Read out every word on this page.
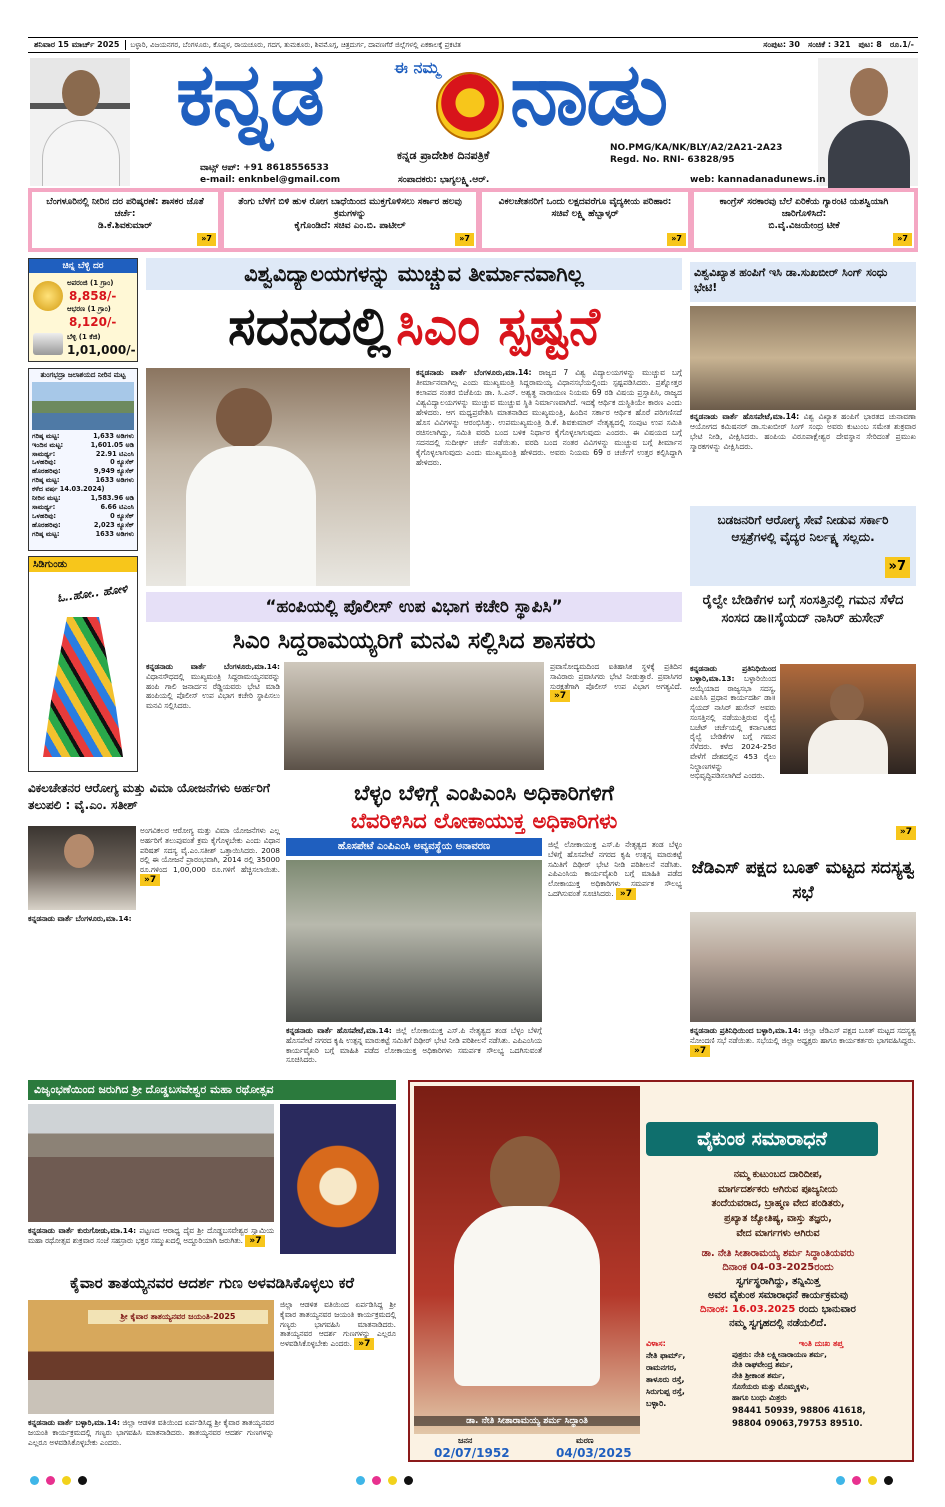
ಶನಿವಾರ 15 ಮಾರ್ಚ್ 2025	ಬಳ್ಳಾರಿ, ವಿಜಯನಗರ, ಬೆಂಗಳೂರು, ಕೊಪ್ಪಳ, ರಾಯಚೂರು, ಗದಗ, ತುಮಕೂರು, ಶಿವಮೊಗ್ಗ, ಚಿತ್ರದುರ್ಗ, ದಾವಣಗೆರೆ ಜಿಲ್ಲೆಗಳಲ್ಲಿ ಏಕಕಾಲಕ್ಕೆ ಪ್ರಕಟಿತ	ಸಂಪುಟ: 30	ಸಂಚಿಕೆ : 321	ಪುಟ: 8	ರೂ.1/-
ಈ ನಮ್ಮ
ಕನ್ನಡ ನಾಡು
ಕನ್ನಡ ಪ್ರಾದೇಶಿಕ ದಿನಪತ್ರಿಕೆ
ವಾಟ್ಸ್ ಆಪ್: +91 8618556533
e-mail: enknbel@gmail.com	ಸಂಪಾದಕರು: ಭಾಗ್ಯಲಕ್ಷ್ಮಿ.ಆರ್.
NO.PMG/KA/NK/BLY/A2/2A21-2A23
Regd. No. RNI- 63828/95
web: kannadanadunews.in
ಬೆಂಗಳೂರಿನಲ್ಲಿ ನೀರಿನ ದರ ಪರಿಷ್ಕರಣೆ: ಶಾಸಕರ ಜೊತೆ ಚರ್ಚೆ:
ಡಿ.ಕೆ.ಶಿವಕುಮಾರ್
»7
ತೆಂಗು ಬೆಳೆಗೆ ಬಿಳಿ ಹುಳ ರೋಗ ಬಾಧೆಯಿಂದ ಮುಕ್ತಗೊಳಿಸಲು ಸರ್ಕಾರ ಹಲವು ಕ್ರಮಗಳನ್ನು
ಕೈಗೊಂಡಿದೆ: ಸಚಿವ ಎಂ.ಬಿ. ಪಾಟೀಲ್
»7
ವಿಕಲಚೇತನರಿಗೆ ಒಂದು ಲಕ್ಷದವರೆಗೂ ವೈದ್ಯಕೀಯ ಪರಿಹಾರ:
ಸಚಿವೆ ಲಕ್ಷ್ಮಿ ಹೆಬ್ಬಾಳ್ಕರ್
»7
ಕಾಂಗ್ರೆಸ್ ಸರಕಾರವು ಬೆಲೆ ಏರಿಕೆಯ ಗ್ಯಾರಂಟಿ ಯಶಸ್ವಿಯಾಗಿ ಜಾರಿಗೊಳಿಸಿದೆ:
ಬಿ.ವೈ.ವಿಜಯೇಂದ್ರ ಟೀಕೆ
»7
ಚಿನ್ನ ಬೆಳ್ಳಿ ದರ
ಅಪರಂಜಿ (1 ಗ್ರಾಂ)
8,858/-
ಆಭರಣ (1 ಗ್ರಾಂ)
8,120/-
ಬೆಳ್ಳಿ (1 ಕೆಜಿ)
1,01,000/-
ತುಂಗಭದ್ರಾ ಜಲಾಶಯದ ನೀರಿನ ಮಟ್ಟ
ಗರಿಷ್ಠ ಮಟ್ಟ:	1,633 ಅಡಿಗಳು
ಇಂದಿನ ಮಟ್ಟ:	1,601.05 ಅಡಿ
ಸಾಮರ್ಥ್ಯ:	22.91 ಟಿಎಂಸಿ
ಒಳಹರಿವು:	0 ಕ್ಯೂಸೆಕ್
ಹೊರಹರಿವು:	9,949 ಕ್ಯೂಸೆಕ್
ಗರಿಷ್ಠ ಮಟ್ಟ:	1633 ಅಡಿಗಳು
ಕಳೆದ ವರ್ಷ 14.03.2024)
ನೀರಿನ ಮಟ್ಟ:	1,583.96 ಅಡಿ
ಸಾಮರ್ಥ್ಯ:	6.66 ಟಿಎಂಸಿ
ಒಳಹರಿವು:	0 ಕ್ಯೂಸೆಕ್
ಹೊರಹರಿವು:	2,023 ಕ್ಯೂಸೆಕ್
ಗರಿಷ್ಠ ಮಟ್ಟ:	1633 ಅಡಿಗಳು
ಸಿಡಿಗುಂಡು
ಓ..ಹೋ.. ಹೋಳಿ
ವಿಶ್ವವಿದ್ಯಾಲಯಗಳನ್ನು ಮುಚ್ಚುವ ತೀರ್ಮಾನವಾಗಿಲ್ಲ
ಸದನದಲ್ಲಿ ಸಿಎಂ ಸ್ಪಷ್ಟನೆ
ಕನ್ನಡನಾಡು ವಾರ್ತೆ ಬೆಂಗಳೂರು,ಮಾ.14: ರಾಜ್ಯದ 7 ವಿಶ್ವ ವಿದ್ಯಾಲಯಗಳನ್ನು ಮುಚ್ಚುವ ಬಗ್ಗೆ ತೀರ್ಮಾನವಾಗಿಲ್ಲ ಎಂದು ಮುಖ್ಯಮಂತ್ರಿ ಸಿದ್ದರಾಮಯ್ಯ ವಿಧಾನಸಭೆಯಲ್ಲಿಂದು ಸ್ಪಷ್ಟಪಡಿಸಿದರು. ಪ್ರಶ್ನೋತ್ತರ ಕಲಾಪದ ನಂತರ ಬಿಜೆಪಿಯ ಡಾ. ಸಿ.ಎನ್. ಅಶ್ವತ್ಥ ನಾರಾಯಣ ನಿಯಮ 69 ರಡಿ ವಿಷಯ ಪ್ರಸ್ತಾಪಿಸಿ, ರಾಜ್ಯದ ವಿಶ್ವವಿದ್ಯಾಲಯಗಳನ್ನು ಮುಚ್ಚುವ ಮುಚ್ಚುವ ಸ್ಥಿತಿ ನಿರ್ಮಾಣವಾಗಿದೆ. ಇದಕ್ಕೆ ಆರ್ಥಿಕ ದುಸ್ಥಿತಿಯೇ ಕಾರಣ ಎಂದು ಹೇಳಿದರು. ಆಗ ಮಧ್ಯಪ್ರವೇಶಿಸಿ ಮಾತನಾಡಿದ ಮುಖ್ಯಮಂತ್ರಿ, ಹಿಂದಿನ ಸರ್ಕಾರ ಆರ್ಥಿಕ ಹೊರೆ ಪರಿಗಣಿಸದೆ ಹೊಸ ವಿವಿಗಳನ್ನು ಆರಂಭಿಸಿತ್ತು. ಉಪಮುಖ್ಯಮಂತ್ರಿ ಡಿ.ಕೆ. ಶಿವಕುಮಾರ್ ನೇತೃತ್ವದಲ್ಲಿ ಸಂಪುಟ ಉಪ ಸಮಿತಿ ರಚಿಸಲಾಗಿದ್ದು, ಸಮಿತಿ ವರದಿ ಬಂದ ಬಳಿಕ ನಿರ್ಧಾರ ಕೈಗೊಳ್ಳಲಾಗುವುದು ಎಂದರು. ಈ ವಿಷಯದ ಬಗ್ಗೆ ಸದನದಲ್ಲಿ ಸುದೀರ್ಘ ಚರ್ಚೆ ನಡೆಯಿತು. ವರದಿ ಬಂದ ನಂತರ ವಿವಿಗಳನ್ನು ಮುಚ್ಚುವ ಬಗ್ಗೆ ತೀರ್ಮಾನ ಕೈಗೊಳ್ಳಲಾಗುವುದು ಎಂದು ಮುಖ್ಯಮಂತ್ರಿ ಹೇಳಿದರು. ಅವರು ನಿಯಮ 69 ರ ಚರ್ಚೆಗೆ ಉತ್ತರ ಕಲ್ಪಿಸಿದ್ದಾಗಿ ಹೇಳಿದರು.
ವಿಶ್ವವಿಖ್ಯಾತ ಹಂಪಿಗೆ ಇಸಿ ಡಾ.ಸುಖಬೀರ್ ಸಿಂಗ್ ಸಂಧು ಭೇಟಿ!
ಕನ್ನಡನಾಡು ವಾರ್ತೆ ಹೊಸಪೇಟೆ,ಮಾ.14: ವಿಶ್ವ ವಿಖ್ಯಾತ ಹಂಪಿಗೆ ಭಾರತದ ಚುನಾವಣಾ ಆಯೋಗದ ಕಮಿಷನರ್ ಡಾ.ಸುಖಬೀರ್ ಸಿಂಗ್ ಸಂಧು ಅವರು ಕುಟುಂಬ ಸಮೇತ ಶುಕ್ರವಾರ ಭೇಟಿ ನೀಡಿ, ವೀಕ್ಷಿಸಿದರು. ಹಂಪಿಯ ವಿರೂಪಾಕ್ಷೇಶ್ವರ ದೇವಸ್ಥಾನ ಸೇರಿದಂತೆ ಪ್ರಮುಖ ಸ್ಮಾರಕಗಳನ್ನು ವೀಕ್ಷಿಸಿದರು.
ಬಡಜನರಿಗೆ ಆರೋಗ್ಯ ಸೇವೆ ನೀಡುವ ಸರ್ಕಾರಿ ಆಸ್ಪತ್ರೆಗಳಲ್ಲಿ ವೈದ್ಯರ ನಿರ್ಲಕ್ಷ್ಯ ಸಲ್ಲದು.
»7
“ಹಂಪಿಯಲ್ಲಿ ಪೊಲೀಸ್ ಉಪ ವಿಭಾಗ ಕಚೇರಿ ಸ್ಥಾಪಿಸಿ”
ಸಿಎಂ ಸಿದ್ದರಾಮಯ್ಯರಿಗೆ ಮನವಿ ಸಲ್ಲಿಸಿದ ಶಾಸಕರು
ಕನ್ನಡನಾಡು ವಾರ್ತೆ ಬೆಂಗಳೂರು,ಮಾ.14: ವಿಧಾನಸೌಧದಲ್ಲಿ ಮುಖ್ಯಮಂತ್ರಿ ಸಿದ್ದರಾಮಯ್ಯನವರನ್ನು ಹಂಪಿ ಗಾಲಿ ಜನಾರ್ದನ ರೆಡ್ಡಿಯವರು ಭೇಟಿ ಮಾಡಿ ಹಂಪಿಯಲ್ಲಿ ಪೊಲೀಸ್ ಉಪ ವಿಭಾಗ ಕಚೇರಿ ಸ್ಥಾಪಿಸಲು ಮನವಿ ಸಲ್ಲಿಸಿದರು.
ಪ್ರವಾಸೋದ್ಯಮದಿಂದ ಐತಿಹಾಸಿಕ ಸ್ಥಳಕ್ಕೆ ಪ್ರತಿದಿನ ಸಾವಿರಾರು ಪ್ರವಾಸಿಗರು ಭೇಟಿ ನೀಡುತ್ತಾರೆ. ಪ್ರವಾಸಿಗರ ಸುರಕ್ಷತೆಗಾಗಿ ಪೊಲೀಸ್ ಉಪ ವಿಭಾಗ ಅಗತ್ಯವಿದೆ. »7
ರೈಲ್ವೇ ಬೇಡಿಕೆಗಳ ಬಗ್ಗೆ ಸಂಸತ್ತಿನಲ್ಲಿ ಗಮನ ಸೆಳೆದ ಸಂಸದ ಡಾ॥ಸೈಯದ್ ನಾಸಿರ್ ಹುಸೇನ್
ಕನ್ನಡನಾಡು ಪ್ರತಿನಿಧಿಯಿಂದ ಬಳ್ಳಾರಿ,ಮಾ.13: ಬಳ್ಳಾರಿಯಿಂದ ಆಯ್ಕೆಯಾದ ರಾಜ್ಯಸಭಾ ಸದಸ್ಯ, ಎಐಸಿಸಿ ಪ್ರಧಾನ ಕಾರ್ಯದರ್ಶಿ ಡಾ॥ಸೈಯದ್ ನಾಸಿರ್ ಹುಸೇನ್ ಅವರು ಸಂಸತ್ತಿನಲ್ಲಿ ನಡೆಯುತ್ತಿರುವ ರೈಲ್ವೆ ಬಜೆಟ್ ಚರ್ಚೆಯಲ್ಲಿ ಕರ್ನಾಟಕದ ರೈಲ್ವೆ ಬೇಡಿಕೆಗಳ ಬಗ್ಗೆ ಗಮನ ಸೆಳೆದರು. ಕಳೆದ 2024-25ರ ವೇಳೆಗೆ ದೇಶದಲ್ಲಿನ 453 ರೈಲು ನಿಲ್ದಾಣಗಳನ್ನು ಅಭಿವೃದ್ಧಿಪಡಿಸಲಾಗಿದೆ ಎಂದರು.
»7
ಜೆಡಿಎಸ್ ಪಕ್ಷದ ಬೂತ್ ಮಟ್ಟದ ಸದಸ್ಯತ್ವ ಸಭೆ
ಕನ್ನಡನಾಡು ಪ್ರತಿನಿಧಿಯಿಂದ ಬಳ್ಳಾರಿ,ಮಾ.14: ಜಿಲ್ಲಾ ಜೆಡಿಎಸ್ ಪಕ್ಷದ ಬೂತ್ ಮಟ್ಟದ ಸದಸ್ಯತ್ವ ನೋಂದಣಿ ಸಭೆ ನಡೆಯಿತು. ಸಭೆಯಲ್ಲಿ ಜಿಲ್ಲಾ ಅಧ್ಯಕ್ಷರು ಹಾಗೂ ಕಾರ್ಯಕರ್ತರು ಭಾಗವಹಿಸಿದ್ದರು. »7
ವಿಕಲಚೇತನರ ಆರೋಗ್ಯ ಮತ್ತು ವಿಮಾ ಯೋಜನೆಗಳು ಅರ್ಹರಿಗೆ ತಲುಪಲಿ : ವೈ.ಎಂ. ಸತೀಶ್
ಅಂಗವಿಕಲರ ಆರೋಗ್ಯ ಮತ್ತು ವಿಮಾ ಯೋಜನೆಗಳು ಎಲ್ಲ ಅರ್ಹರಿಗೆ ತಲುಪುವಂತೆ ಕ್ರಮ ಕೈಗೊಳ್ಳಬೇಕು ಎಂದು ವಿಧಾನ ಪರಿಷತ್ ಸದಸ್ಯ ವೈ.ಎಂ.ಸತೀಶ್ ಒತ್ತಾಯಿಸಿದರು. 2008 ರಲ್ಲಿ ಈ ಯೋಜನೆ ಪ್ರಾರಂಭವಾಗಿ, 2014 ರಲ್ಲಿ 35000 ರೂ.ಗಳಿಂದ 1,00,000 ರೂ.ಗಳಿಗೆ ಹೆಚ್ಚಿಸಲಾಯಿತು. »7
ಕನ್ನಡನಾಡು ವಾರ್ತೆ ಬೆಂಗಳೂರು,ಮಾ.14:
ಬೆಳ್ಳಂ ಬೆಳಿಗ್ಗೆ ಎಂಪಿಎಂಸಿ ಅಧಿಕಾರಿಗಳಿಗೆ
ಬೆವರಿಳಿಸಿದ ಲೋಕಾಯುಕ್ತ ಅಧಿಕಾರಿಗಳು
ಹೊಸಪೇಟೆ ಎಂಪಿಎಂಸಿ ಅವ್ಯವಸ್ಥೆಯ ಅನಾವರಣ
ಕನ್ನಡನಾಡು ವಾರ್ತೆ ಹೊಸಪೇಟೆ,ಮಾ.14: ಜಿಲ್ಲೆ ಲೋಕಾಯುಕ್ತ ಎಸ್.ಪಿ ನೇತೃತ್ವದ ತಂಡ ಬೆಳ್ಳಂ ಬೆಳಿಗ್ಗೆ ಹೊಸಪೇಟೆ ನಗರದ ಕೃಷಿ ಉತ್ಪನ್ನ ಮಾರುಕಟ್ಟೆ ಸಮಿತಿಗೆ ದಿಢೀರ್ ಭೇಟಿ ನೀಡಿ ಪರಿಶೀಲನೆ ನಡೆಸಿತು. ಎಪಿಎಂಸಿಯ ಕಾರ್ಯವೈಖರಿ ಬಗ್ಗೆ ಮಾಹಿತಿ ಪಡೆದ ಲೋಕಾಯುಕ್ತ ಅಧಿಕಾರಿಗಳು ಸಮರ್ಪಕ ಸೌಲಭ್ಯ ಒದಗಿಸುವಂತೆ ಸೂಚಿಸಿದರು.
ಜಿಲ್ಲೆ ಲೋಕಾಯುಕ್ತ ಎಸ್.ಪಿ ನೇತೃತ್ವದ ತಂಡ ಬೆಳ್ಳಂ ಬೆಳಿಗ್ಗೆ ಹೊಸಪೇಟೆ ನಗರದ ಕೃಷಿ ಉತ್ಪನ್ನ ಮಾರುಕಟ್ಟೆ ಸಮಿತಿಗೆ ದಿಢೀರ್ ಭೇಟಿ ನೀಡಿ ಪರಿಶೀಲನೆ ನಡೆಸಿತು. ಎಪಿಎಂಸಿಯ ಕಾರ್ಯವೈಖರಿ ಬಗ್ಗೆ ಮಾಹಿತಿ ಪಡೆದ ಲೋಕಾಯುಕ್ತ ಅಧಿಕಾರಿಗಳು ಸಮರ್ಪಕ ಸೌಲಭ್ಯ ಒದಗಿಸುವಂತೆ ಸೂಚಿಸಿದರು. »7
ವಿಜೃಂಭಣೆಯಿಂದ ಜರುಗಿದ ಶ್ರೀ ದೊಡ್ಡಬಸವೇಶ್ವರ ಮಹಾ ರಥೋತ್ಸವ
ಕನ್ನಡನಾಡು ವಾರ್ತೆ ಕುರುಗೋಡು,ಮಾ.14: ಪಟ್ಟಣದ ಆರಾಧ್ಯ ದೈವ ಶ್ರೀ ದೊಡ್ಡಬಸವೇಶ್ವರ ಸ್ವಾಮಿಯ ಮಹಾ ರಥೋತ್ಸವ ಶುಕ್ರವಾರ ಸಂಜೆ ಸಹಸ್ರಾರು ಭಕ್ತರ ಸಮ್ಮುಖದಲ್ಲಿ ಅದ್ದೂರಿಯಾಗಿ ಜರುಗಿತು. »7
ಕೈವಾರ ತಾತಯ್ಯನವರ ಆದರ್ಶ ಗುಣ ಅಳವಡಿಸಿಕೊಳ್ಳಲು ಕರೆ
ಶ್ರೀ ಕೈವಾರ ತಾತಯ್ಯನವರ ಜಯಂತಿ-2025
ಕನ್ನಡನಾಡು ವಾರ್ತೆ ಬಳ್ಳಾರಿ,ಮಾ.14: ಜಿಲ್ಲಾ ಆಡಳಿತ ವತಿಯಿಂದ ಏರ್ಪಡಿಸಿದ್ದ ಶ್ರೀ ಕೈವಾರ ತಾತಯ್ಯನವರ ಜಯಂತಿ ಕಾರ್ಯಕ್ರಮದಲ್ಲಿ ಗಣ್ಯರು ಭಾಗವಹಿಸಿ ಮಾತನಾಡಿದರು. ತಾತಯ್ಯನವರ ಆದರ್ಶ ಗುಣಗಳನ್ನು ಎಲ್ಲರೂ ಅಳವಡಿಸಿಕೊಳ್ಳಬೇಕು ಎಂದರು.
ಜಿಲ್ಲಾ ಆಡಳಿತ ವತಿಯಿಂದ ಏರ್ಪಡಿಸಿದ್ದ ಶ್ರೀ ಕೈವಾರ ತಾತಯ್ಯನವರ ಜಯಂತಿ ಕಾರ್ಯಕ್ರಮದಲ್ಲಿ ಗಣ್ಯರು ಭಾಗವಹಿಸಿ ಮಾತನಾಡಿದರು. ತಾತಯ್ಯನವರ ಆದರ್ಶ ಗುಣಗಳನ್ನು ಎಲ್ಲರೂ ಅಳವಡಿಸಿಕೊಳ್ಳಬೇಕು ಎಂದರು. »7
ಡಾ. ನೇತಿ ಸೀತಾರಾಮಯ್ಯ ಶರ್ಮ ಸಿದ್ಧಾಂತಿ
ಜನನ
02/07/1952
ಮರಣ
04/03/2025
ವೈಕುಂಠ ಸಮಾರಾಧನೆ
ನಮ್ಮ ಕುಟುಂಬದ ದಾರಿದೀಪ,
ಮಾರ್ಗದರ್ಶಕರು ಆಗಿರುವ ಪೂಜ್ಯನೀಯ
ತಂದೆಯವರಾದ, ಬ್ರಾಹ್ಮಣ ವೇದ ಪಂಡಿತರು,
ಪ್ರಖ್ಯಾತ ಜ್ಯೋತಿಷ್ಯ, ವಾಸ್ತು ತಜ್ಞರು,
ವೇದ ಮಾರ್ಗಗಳು ಆಗಿರುವ
ಡಾ. ನೇತಿ ಸೀತಾರಾಮಯ್ಯ ಶರ್ಮ ಸಿದ್ಧಾಂತಿಯವರು
ದಿನಾಂಕ 04-03-2025ರಂದು
ಸ್ವರ್ಗಸ್ಥರಾಗಿದ್ದು, ತನ್ನಿಮಿತ್ತ
ಅವರ ವೈಕುಂಠ ಸಮಾರಾಧನೆ ಕಾರ್ಯಕ್ರಮವು
ದಿನಾಂಕ: 16.03.2025 ರಂದು ಭಾನುವಾರ
ನಮ್ಮ ಸ್ವಗೃಹದಲ್ಲಿ ನಡೆಯಲಿದೆ.
ವಿಳಾಸ:
ನೇತಿ ಫಾರ್ಮ್,
ರಾಮನಗರ,
ತಾಳೂರು ರಸ್ತೆ,
ಸಿರುಗುಪ್ಪ ರಸ್ತೆ,
ಬಳ್ಳಾರಿ.
ಇಂತಿ ದುಃಖ ತಪ್ತ
ಪುತ್ರರು: ನೇತಿ ಲಕ್ಷ್ಮೀನಾರಾಯಣ ಶರ್ಮ,
ನೇತಿ ರಾಘವೇಂದ್ರ ಶರ್ಮ,
ನೇತಿ ಶ್ರೀಕಾಂತ ಶರ್ಮ,
ಸೊಸೆಯರು ಮತ್ತು ಮೊಮ್ಮಕ್ಕಳು,
ಹಾಗೂ ಬಂಧು ಮಿತ್ರರು
98441 50939, 98806 41618,
98804 09063,79753 89510.
